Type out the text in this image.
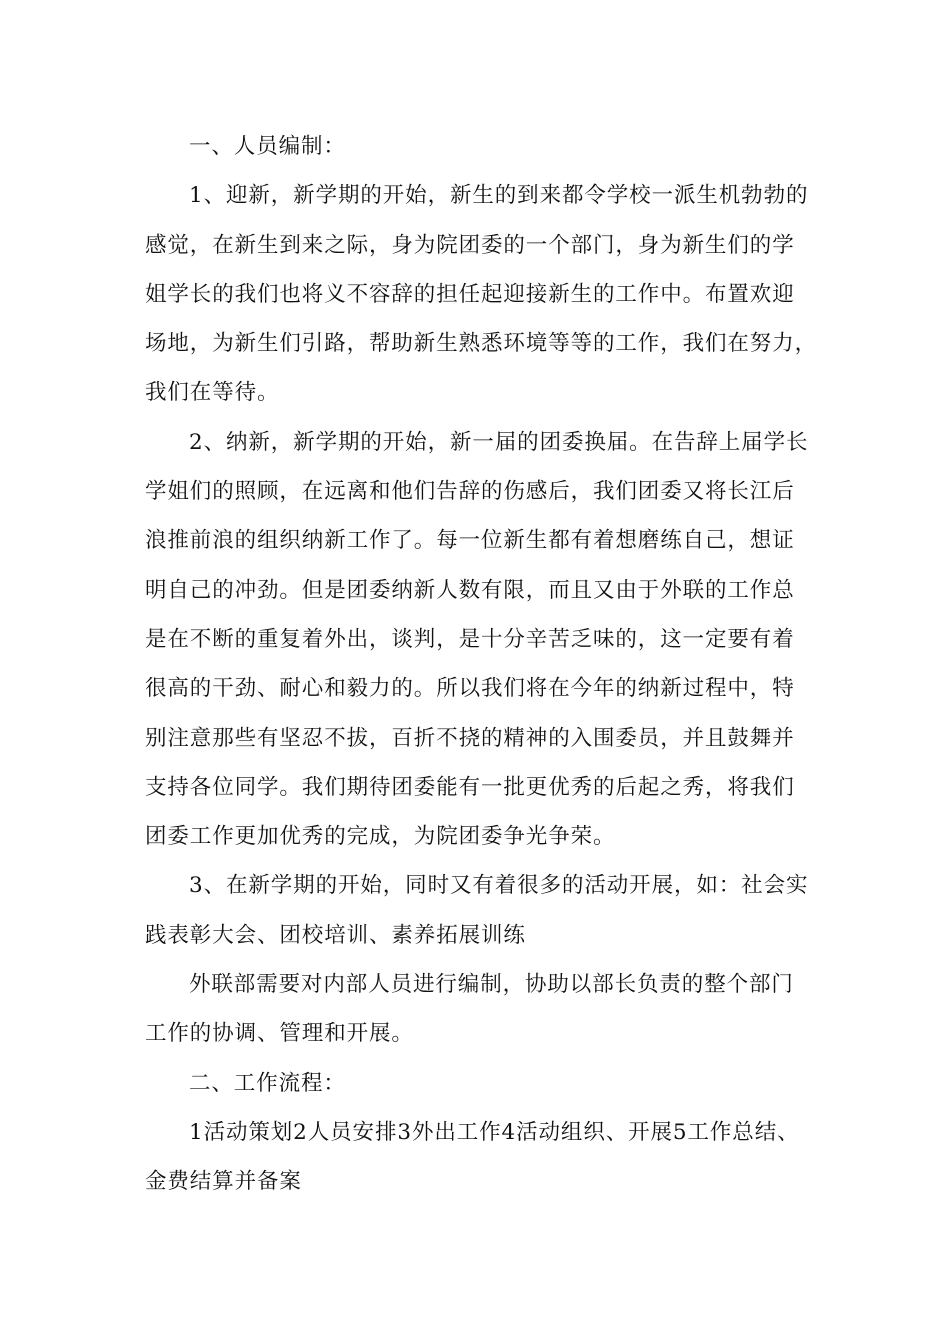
一、人员编制：
1、迎新，新学期的开始，新生的到来都令学校一派生机勃勃的
感觉，在新生到来之际，身为院团委的一个部门，身为新生们的学
姐学长的我们也将义不容辞的担任起迎接新生的工作中。布置欢迎
场地，为新生们引路，帮助新生熟悉环境等等的工作，我们在努力，
我们在等待。
2、纳新，新学期的开始，新一届的团委换届。在告辞上届学长
学姐们的照顾，在远离和他们告辞的伤感后，我们团委又将长江后
浪推前浪的组织纳新工作了。每一位新生都有着想磨练自己，想证
明自己的冲劲。但是团委纳新人数有限，而且又由于外联的工作总
是在不断的重复着外出，谈判，是十分辛苦乏味的，这一定要有着
很高的干劲、耐心和毅力的。所以我们将在今年的纳新过程中，特
别注意那些有坚忍不拔，百折不挠的精神的入围委员，并且鼓舞并
支持各位同学。我们期待团委能有一批更优秀的后起之秀，将我们
团委工作更加优秀的完成，为院团委争光争荣。
3、在新学期的开始，同时又有着很多的活动开展，如：社会实
践表彰大会、团校培训、素养拓展训练
外联部需要对内部人员进行编制，协助以部长负责的整个部门
工作的协调、管理和开展。
二、工作流程：
1活动策划2人员安排3外出工作4活动组织、开展5工作总结、
金费结算并备案
